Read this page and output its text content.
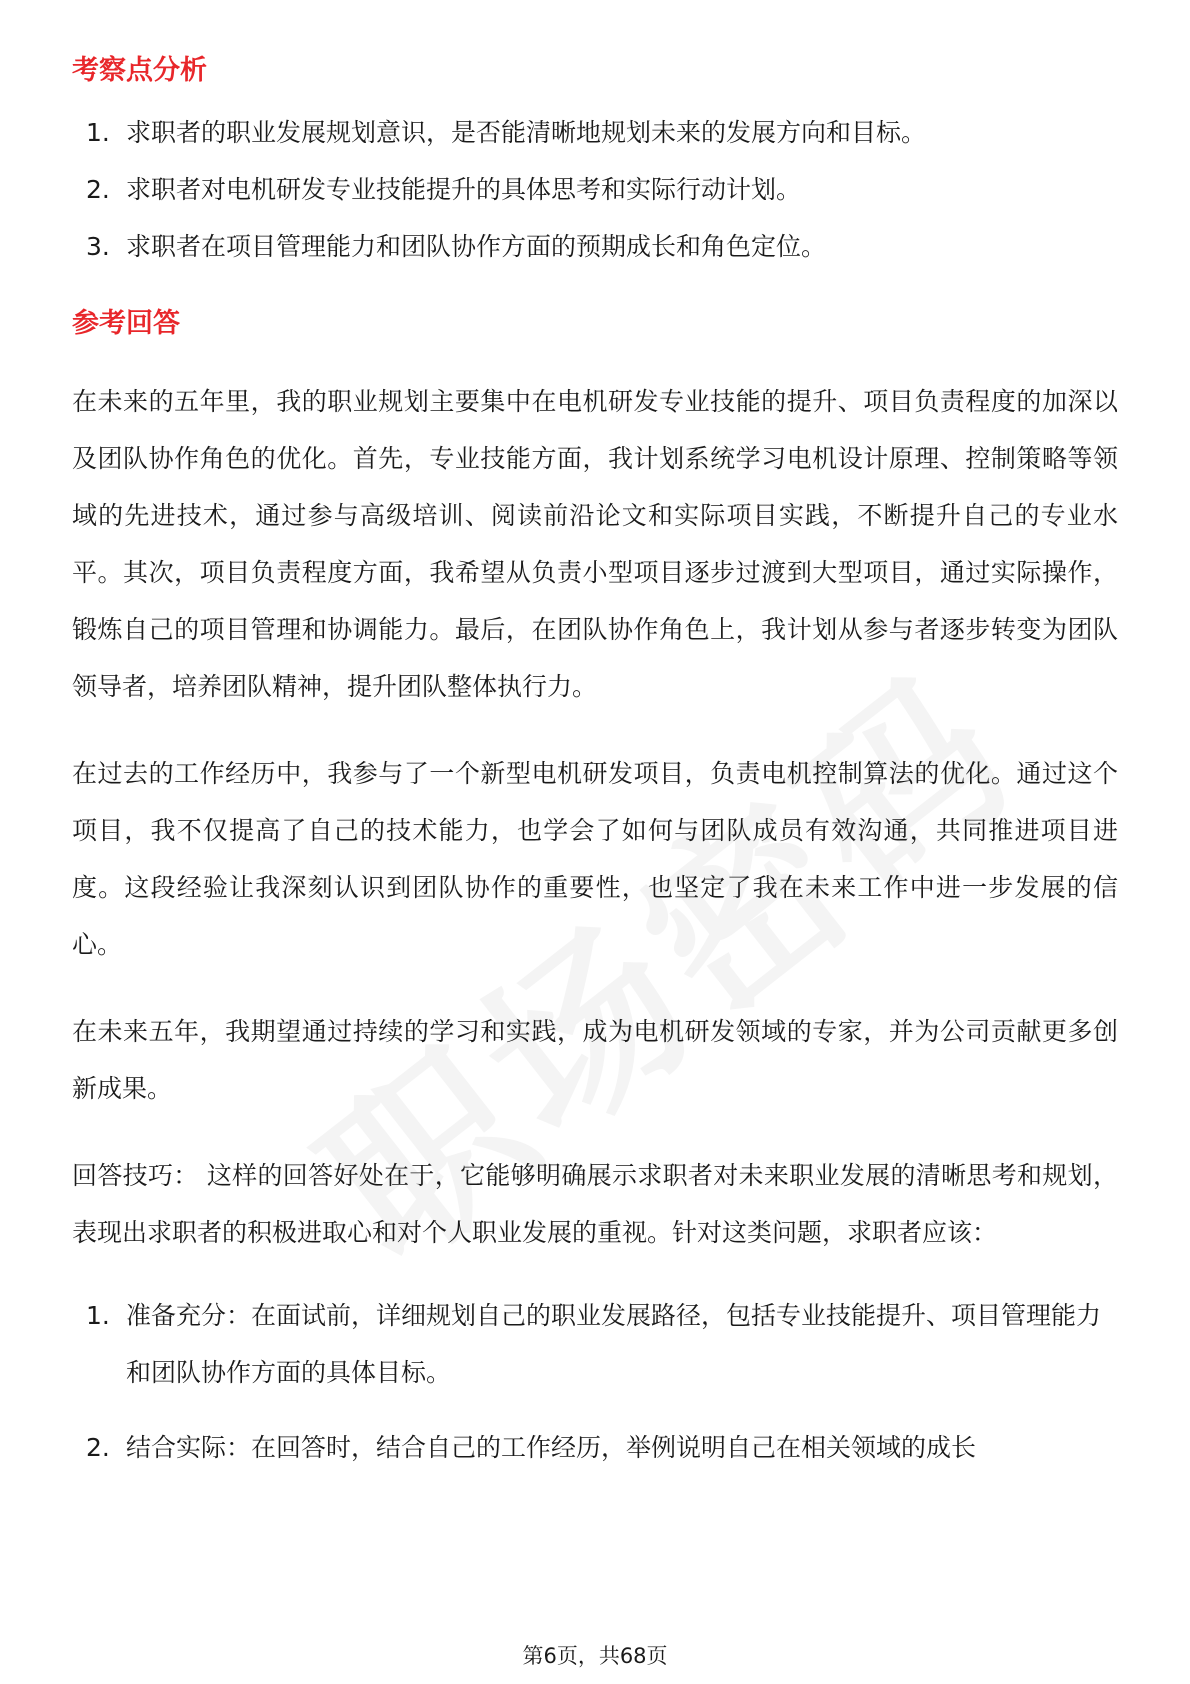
考察点分析
1. 求职者的职业发展规划意识，是否能清晰地规划未来的发展方向和目标。
2. 求职者对电机研发专业技能提升的具体思考和实际行动计划。
3. 求职者在项目管理能力和团队协作方面的预期成长和角色定位。
参考回答

在未来的五年里，我的职业规划主要集中在电机研发专业技能的提升、项目负责程度的加深以及团队协作角色的优化。首先，专业技能方面，我计划系统学习电机设计原理、控制策略等领域的先进技术，通过参与高级培训、阅读前沿论文和实际项目实践，不断提升自己的专业水平。其次，项目负责程度方面，我希望从负责小型项目逐步过渡到大型项目，通过实际操作，锻炼自己的项目管理和协调能力。最后，在团队协作角色上，我计划从参与者逐步转变为团队领导者，培养团队精神，提升团队整体执行力。

在过去的工作经历中，我参与了一个新型电机研发项目，负责电机控制算法的优化。通过这个项目，我不仅提高了自己的技术能力，也学会了如何与团队成员有效沟通，共同推进项目进度。这段经验让我深刻认识到团队协作的重要性，也坚定了我在未来工作中进一步发展的信心。

在未来五年，我期望通过持续的学习和实践，成为电机研发领域的专家，并为公司贡献更多创新成果。

回答技巧： 这样的回答好处在于，它能够明确展示求职者对未来职业发展的清晰思考和规划，表现出求职者的积极进取心和对个人职业发展的重视。针对这类问题，求职者应该：

1. 准备充分：在面试前，详细规划自己的职业发展路径，包括专业技能提升、项目管理能力和团队协作方面的具体目标。
2. 结合实际：在回答时，结合自己的工作经历，举例说明自己在相关领域的成长
第6页，共68页
